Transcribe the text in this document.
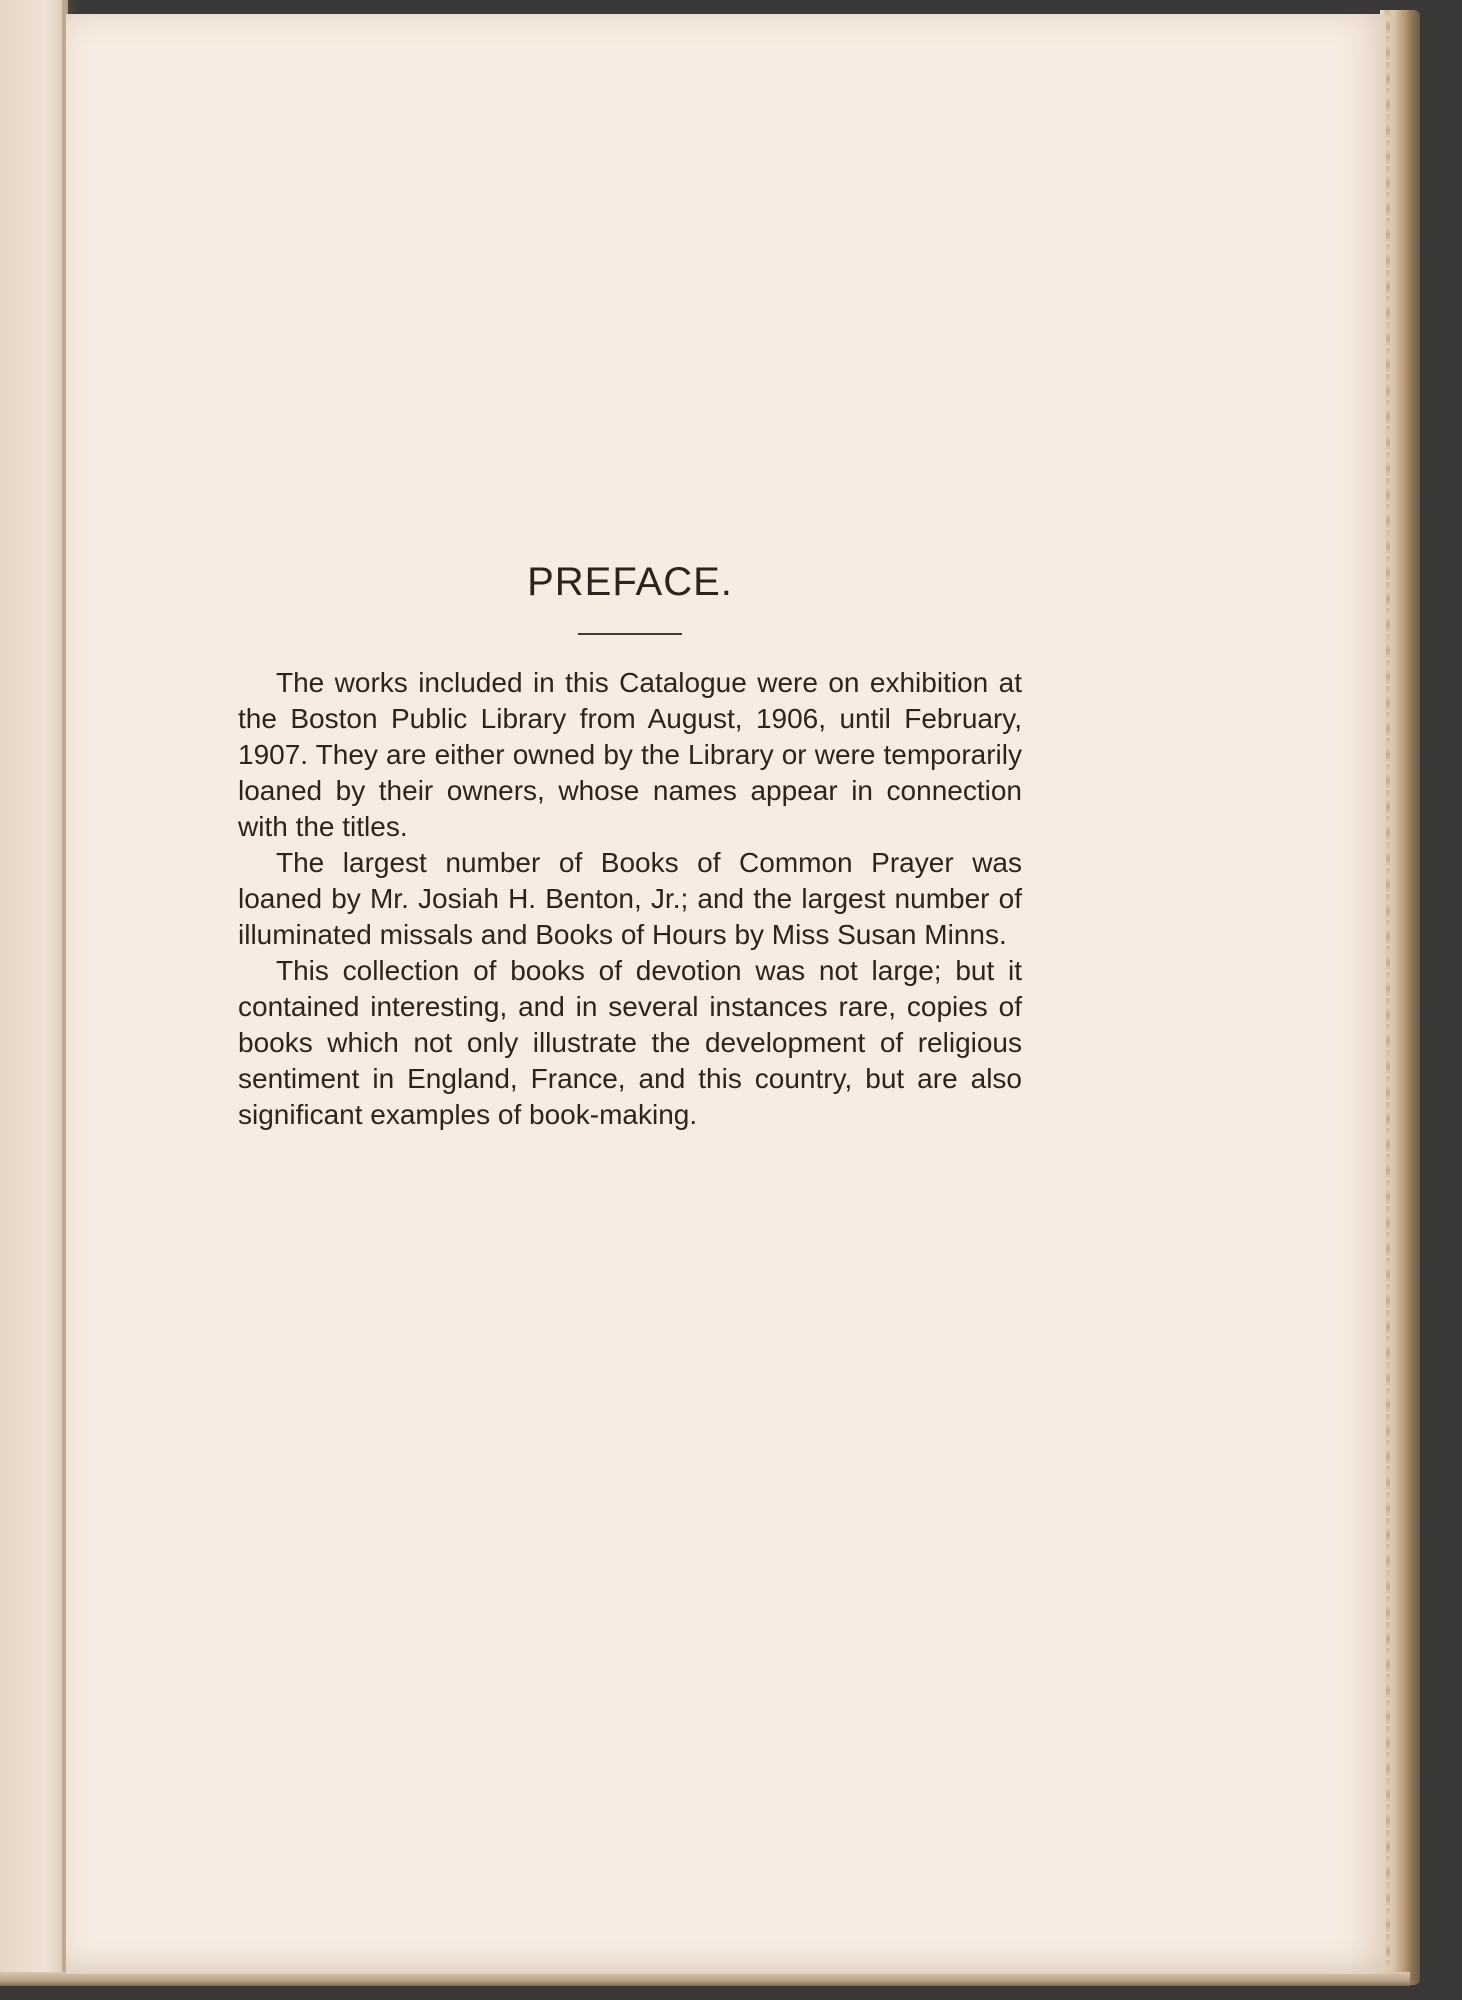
PREFACE.

The works included in this Catalogue were on exhibition at the Boston Public Library from August, 1906, until February, 1907. They are either owned by the Library or were temporarily loaned by their owners, whose names appear in connection with the titles.

The largest number of Books of Common Prayer was loaned by Mr. Josiah H. Benton, Jr.; and the largest number of illuminated missals and Books of Hours by Miss Susan Minns.

This collection of books of devotion was not large; but it contained interesting, and in several instances rare, copies of books which not only illustrate the development of religious sentiment in England, France, and this country, but are also significant examples of book-making.
